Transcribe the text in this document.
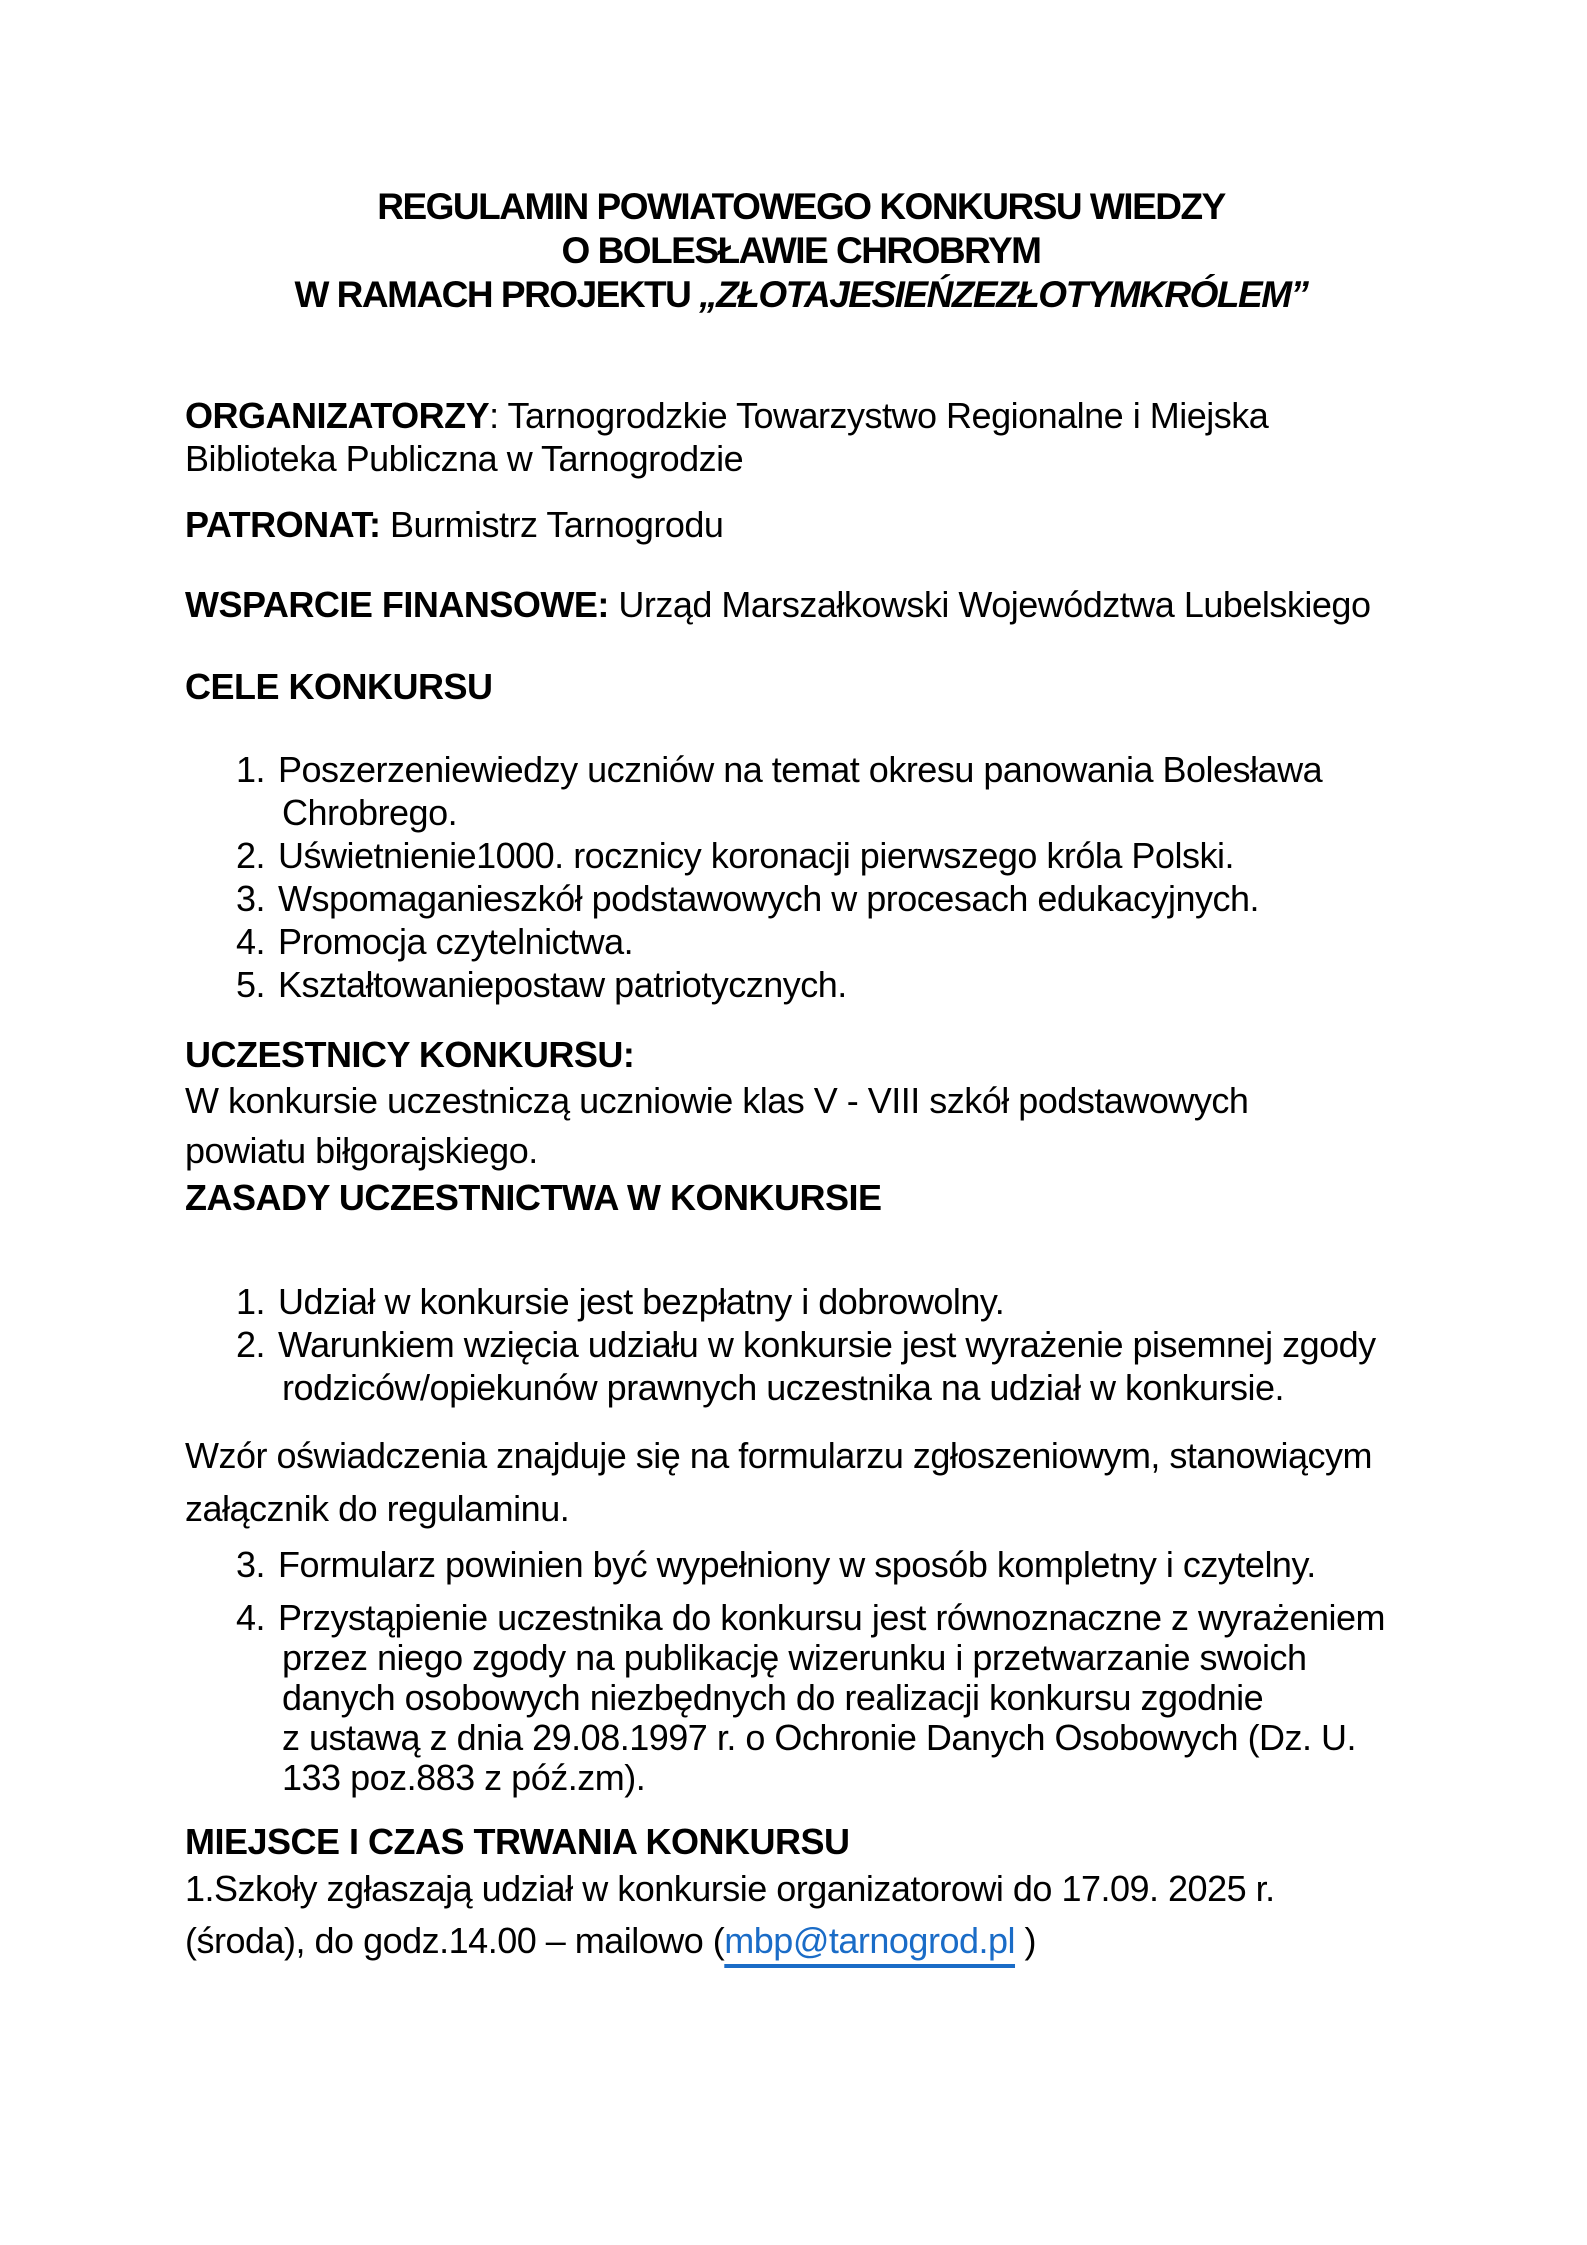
REGULAMIN POWIATOWEGO KONKURSU WIEDZY
O BOLESŁAWIE CHROBRYM
W RAMACH PROJEKTU „ZŁOTAJESIEŃZEZŁOTYMKRÓLEM”
ORGANIZATORZY: Tarnogrodzkie Towarzystwo Regionalne i Miejska
Biblioteka Publiczna w Tarnogrodzie
PATRONAT: Burmistrz Tarnogrodu
WSPARCIE FINANSOWE: Urząd Marszałkowski Województwa Lubelskiego
CELE KONKURSU
1. Poszerzeniewiedzy uczniów na temat okresu panowania Bolesława
Chrobrego.
2. Uświetnienie1000. rocznicy koronacji pierwszego króla Polski.
3. Wspomaganieszkół podstawowych w procesach edukacyjnych.
4. Promocja czytelnictwa.
5. Kształtowaniepostaw patriotycznych.
UCZESTNICY KONKURSU:
W konkursie uczestniczą uczniowie klas V - VIII szkół podstawowych
powiatu biłgorajskiego.
ZASADY UCZESTNICTWA W KONKURSIE
1. Udział w konkursie jest bezpłatny i dobrowolny.
2. Warunkiem wzięcia udziału w konkursie jest wyrażenie pisemnej zgody
rodziców/opiekunów prawnych uczestnika na udział w konkursie.
Wzór oświadczenia znajduje się na formularzu zgłoszeniowym, stanowiącym
załącznik do regulaminu.
3. Formularz powinien być wypełniony w sposób kompletny i czytelny.
4. Przystąpienie uczestnika do konkursu jest równoznaczne z wyrażeniem
przez niego zgody na publikację wizerunku i przetwarzanie swoich
danych osobowych niezbędnych do realizacji konkursu zgodnie
z ustawą z dnia 29.08.1997 r. o Ochronie Danych Osobowych (Dz. U.
133 poz.883 z póź.zm).
MIEJSCE I CZAS TRWANIA KONKURSU
1.Szkoły zgłaszają udział w konkursie organizatorowi do 17.09. 2025 r.
(środa), do godz.14.00 – mailowo (mbp@tarnogrod.pl )
